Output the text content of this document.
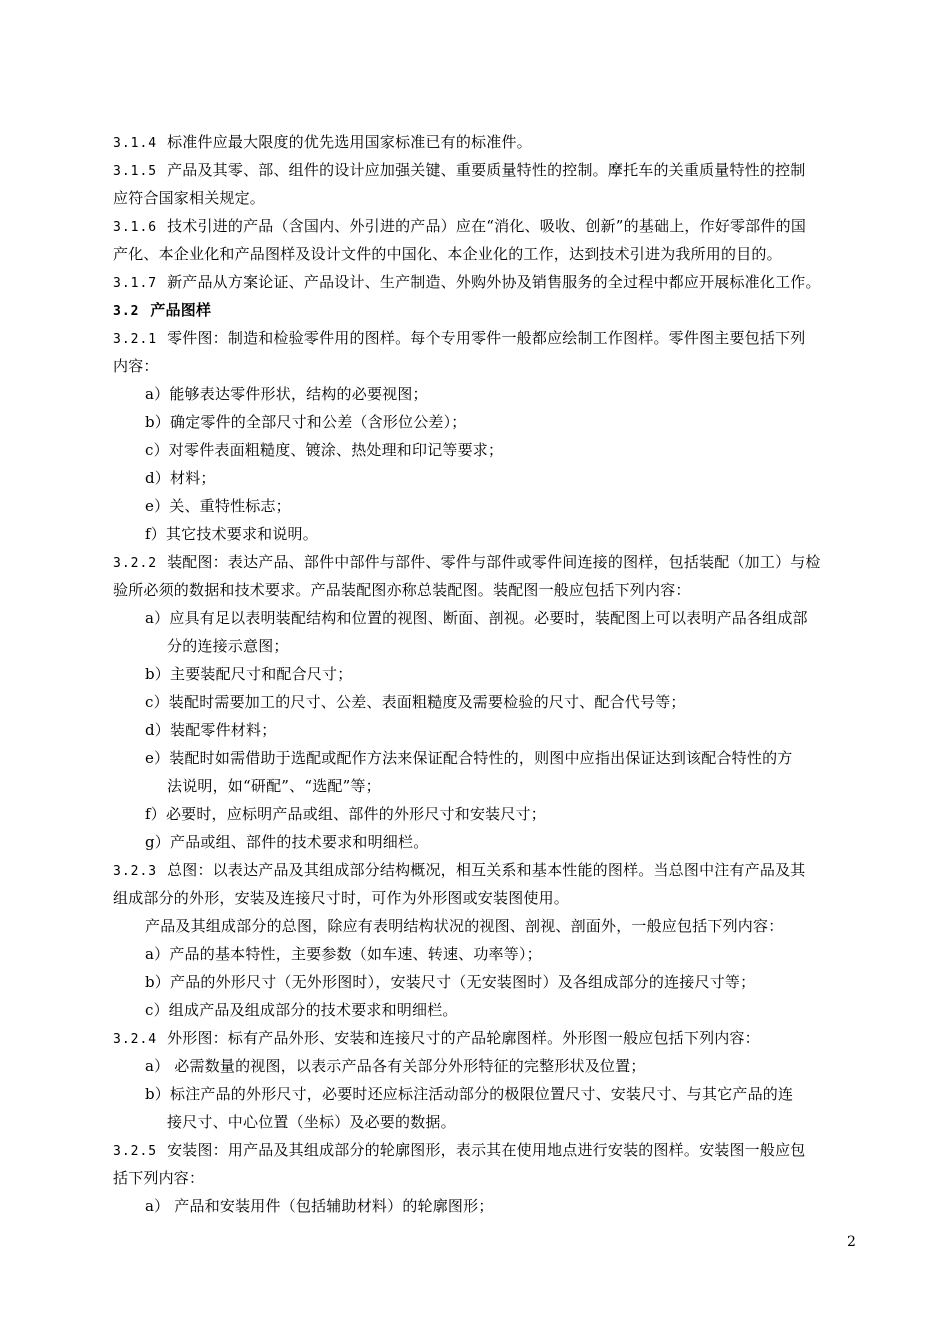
3.1.4 标准件应最大限度的优先选用国家标准已有的标准件。
3.1.5 产品及其零、部、组件的设计应加强关键、重要质量特性的控制。摩托车的关重质量特性的控制
应符合国家相关规定。
3.1.6 技术引进的产品（含国内、外引进的产品）应在“消化、吸收、创新”的基础上，作好零部件的国
产化、本企业化和产品图样及设计文件的中国化、本企业化的工作，达到技术引进为我所用的目的。
3.1.7 新产品从方案论证、产品设计、生产制造、外购外协及销售服务的全过程中都应开展标准化工作。
3.2 产品图样
3.2.1 零件图：制造和检验零件用的图样。每个专用零件一般都应绘制工作图样。零件图主要包括下列
内容：
a）能够表达零件形状，结构的必要视图；
b）确定零件的全部尺寸和公差（含形位公差）；
c）对零件表面粗糙度、镀涂、热处理和印记等要求；
d）材料；
e）关、重特性标志；
f）其它技术要求和说明。
3.2.2 装配图：表达产品、部件中部件与部件、零件与部件或零件间连接的图样，包括装配（加工）与检
验所必须的数据和技术要求。产品装配图亦称总装配图。装配图一般应包括下列内容：
a）应具有足以表明装配结构和位置的视图、断面、剖视。必要时，装配图上可以表明产品各组成部
分的连接示意图；
b）主要装配尺寸和配合尺寸；
c）装配时需要加工的尺寸、公差、表面粗糙度及需要检验的尺寸、配合代号等；
d）装配零件材料；
e）装配时如需借助于选配或配作方法来保证配合特性的，则图中应指出保证达到该配合特性的方
法说明，如“研配”、“选配”等；
f）必要时，应标明产品或组、部件的外形尺寸和安装尺寸；
g）产品或组、部件的技术要求和明细栏。
3.2.3 总图：以表达产品及其组成部分结构概况，相互关系和基本性能的图样。当总图中注有产品及其
组成部分的外形，安装及连接尺寸时，可作为外形图或安装图使用。
产品及其组成部分的总图，除应有表明结构状况的视图、剖视、剖面外，一般应包括下列内容：
a）产品的基本特性，主要参数（如车速、转速、功率等）；
b）产品的外形尺寸（无外形图时），安装尺寸（无安装图时）及各组成部分的连接尺寸等；
c）组成产品及组成部分的技术要求和明细栏。
3.2.4 外形图：标有产品外形、安装和连接尺寸的产品轮廓图样。外形图一般应包括下列内容：
a） 必需数量的视图，以表示产品各有关部分外形特征的完整形状及位置；
b）标注产品的外形尺寸，必要时还应标注活动部分的极限位置尺寸、安装尺寸、与其它产品的连
接尺寸、中心位置（坐标）及必要的数据。
3.2.5 安装图：用产品及其组成部分的轮廓图形，表示其在使用地点进行安装的图样。安装图一般应包
括下列内容：
a） 产品和安装用件（包括辅助材料）的轮廓图形；
2
